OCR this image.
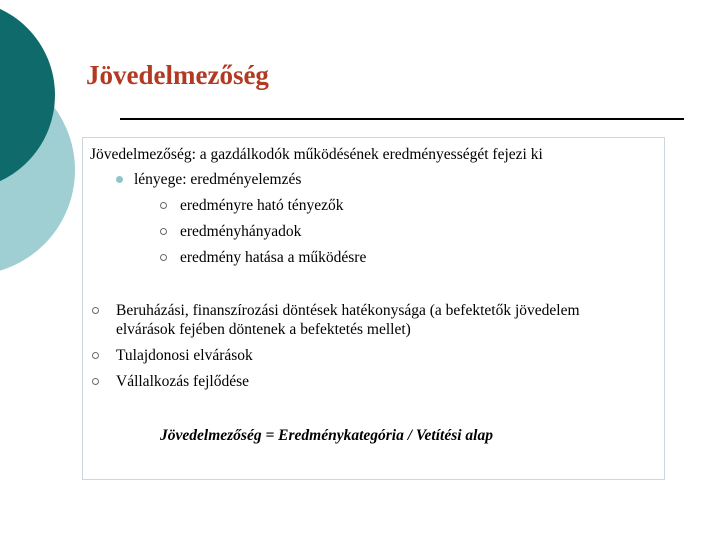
Jövedelmezőség

Jövedelmezőség: a gazdálkodók működésének eredményességét fejezi ki

lényege: eredményelemzés

eredményre ható tényezők

eredményhányadok

eredmény hatása a működésre

Beruházási, finanszírozási döntések hatékonysága (a befektetők jövedelem

elvárások fejében döntenek a befektetés mellet)

Tulajdonosi elvárások

Vállalkozás fejlődése

Jövedelmezőség = Eredménykategória / Vetítési alap
